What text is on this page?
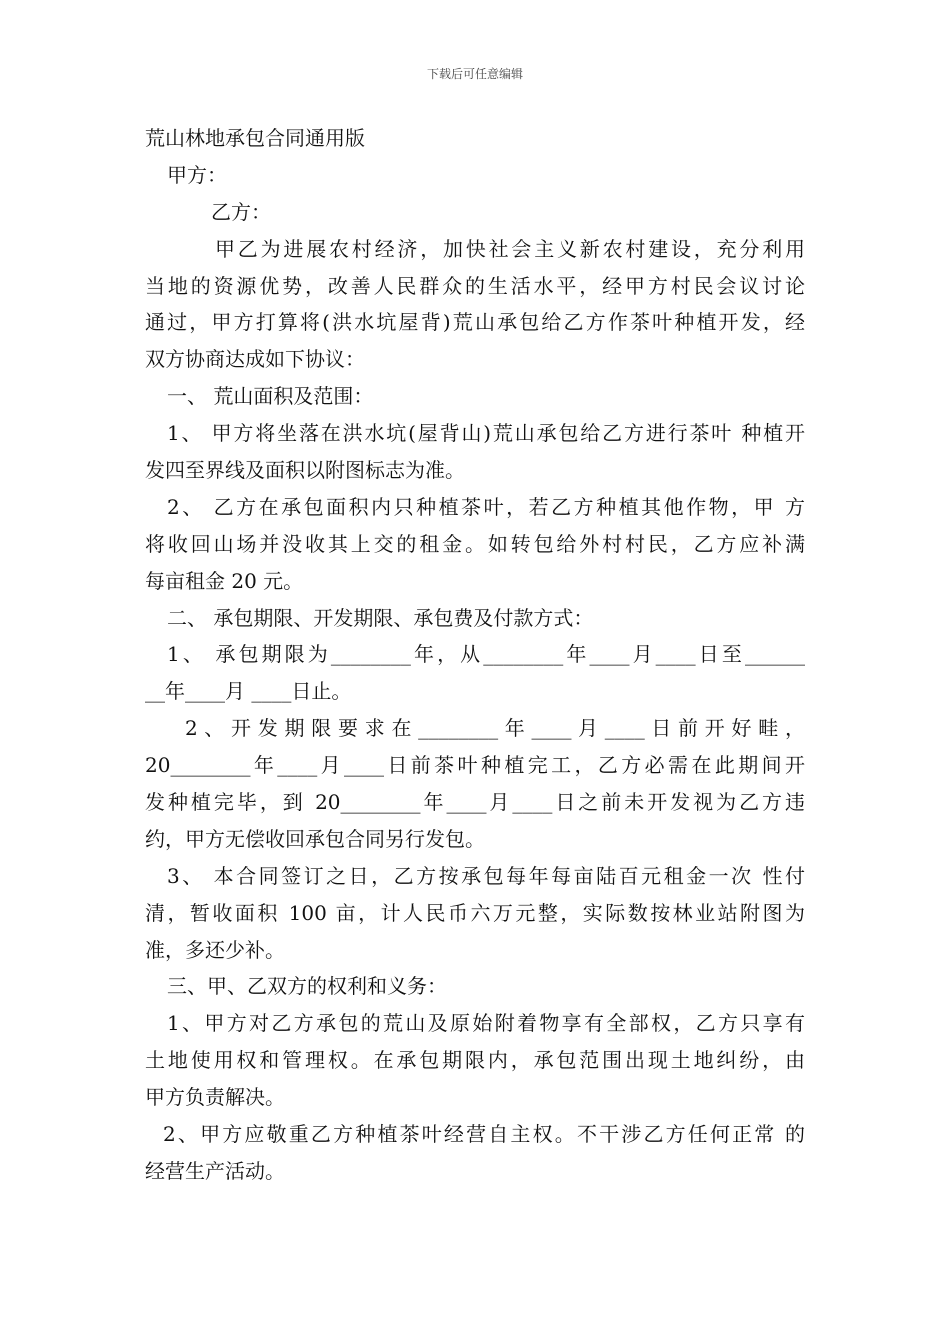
下载后可任意编辑
荒山林地承包合同通用版
甲方：
乙方：
甲乙为进展农村经济，加快社会主义新农村建设，充分利用
当地的资源优势，改善人民群众的生活水平，经甲方村民会议讨论
通过，甲方打算将(洪水坑屋背)荒山承包给乙方作茶叶种植开发，经
双方协商达成如下协议：
一、 荒山面积及范围：
1、 甲方将坐落在洪水坑(屋背山)荒山承包给乙方进行茶叶 种植开
发四至界线及面积以附图标志为准。
2、 乙方在承包面积内只种植茶叶，若乙方种植其他作物，甲 方
将收回山场并没收其上交的租金。如转包给外村村民，乙方应补满
每亩租金 20 元。
二、 承包期限、开发期限、承包费及付款方式：
1、 承包期限为________年，从________年____月____日至______
__年____月 ____日止。
2 、 开 发 期 限 要 求 在 ________ 年 ____ 月 ____ 日 前 开 好 畦 ，
20________年____月____日前茶叶种植完工，乙方必需在此期间开
发种植完毕，到 20________年____月____日之前未开发视为乙方违
约，甲方无偿收回承包合同另行发包。
3、 本合同签订之日，乙方按承包每年每亩陆百元租金一次 性付
清，暂收面积 100 亩，计人民币六万元整，实际数按林业站附图为
准，多还少补。
三、甲、乙双方的权利和义务：
1、甲方对乙方承包的荒山及原始附着物享有全部权，乙方只享有
土地使用权和管理权。在承包期限内，承包范围出现土地纠纷，由
甲方负责解决。
2、甲方应敬重乙方种植茶叶经营自主权。不干涉乙方任何正常 的
经营生产活动。
